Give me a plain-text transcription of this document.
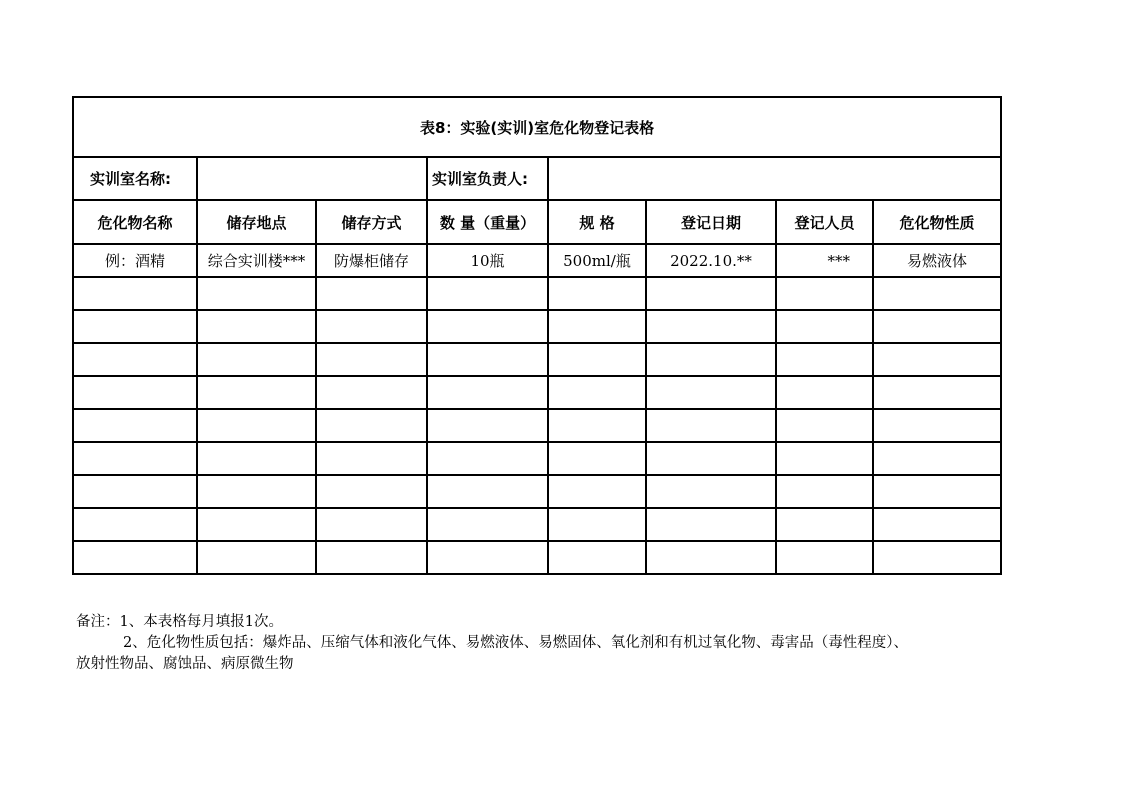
表8：实验(实训)室危化物登记表格							
实训室名称:			实训室负责人:				
危化物名称	储存地点	储存方式	数 量（重量）	规 格	登记日期	登记人员	危化物性质
例：酒精	综合实训楼***	防爆柜储存	10瓶	500ml/瓶	2022.10.**	***	易燃液体

备注：1、本表格每月填报1次。
2、危化物性质包括：爆炸品、压缩气体和液化气体、易燃液体、易燃固体、氧化剂和有机过氧化物、毒害品（毒性程度）、
放射性物品、腐蚀品、病原微生物
